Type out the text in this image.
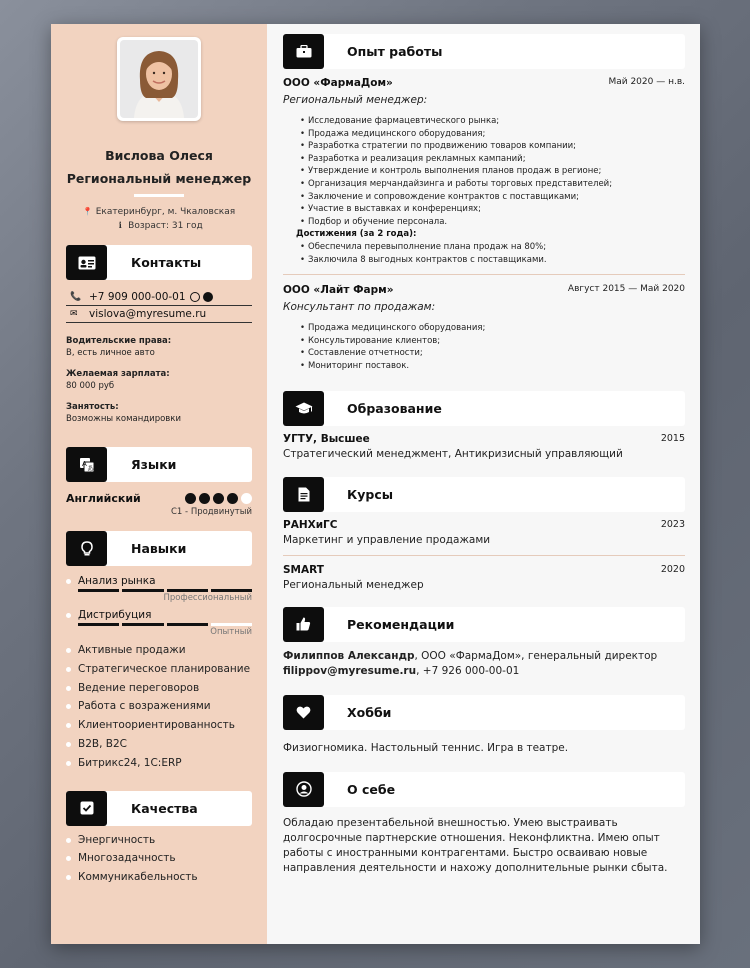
Вислова Олеся
Региональный менеджер
📍 Екатеринбург, м. Чкаловская
i Возраст: 31 год
Контакты
📞 +7 909 000-00-01
✉	vislova@myresume.ru
Водительские права:
B, есть личное авто
Желаемая зарплата:
80 000 руб
Занятость:
Возможны командировки
A
あ	Языки
Английский
C1 - Продвинутый
Навыки
Анализ рынка
Профессиональный
Дистрибуция
Опытный
Активные продажи
Стратегическое планирование
Ведение переговоров
Работа с возражениями
Клиентоориентированность
B2B, B2C
Битрикс24, 1С:ERP
Качества
Энергичность
Многозадачность
Коммуникабельность
Опыт работы
ООО «ФармаДом»	Май 2020 — н.в.
Региональный менеджер:
• Исследование фармацевтического рынка;
• Продажа медицинского оборудования;
• Разработка стратегии по продвижению товаров компании;
• Разработка и реализация рекламных кампаний;
• Утверждение и контроль выполнения планов продаж в регионе;
• Организация мерчандайзинга и работы торговых представителей;
• Заключение и сопровождение контрактов с поставщиками;
• Участие в выставках и конференциях;
• Подбор и обучение персонала.
Достижения (за 2 года):
• Обеспечила перевыполнение плана продаж на 80%;
• Заключила 8 выгодных контрактов с поставщиками.
ООО «Лайт Фарм»	Август 2015 — Май 2020
Консультант по продажам:
• Продажа медицинского оборудования;
• Консультирование клиентов;
• Составление отчетности;
• Мониторинг поставок.
Образование
УГТУ, Высшее	2015
Стратегический менеджмент, Антикризисный управляющий
Курсы
РАНХиГС	2023
Маркетинг и управление продажами
SMART	2020
Региональный менеджер
Рекомендации
Филиппов Александр, ООО «ФармаДом», генеральный директор
filippov@myresume.ru, +7 926 000-00-01
Хобби
Физиогномика. Настольный теннис. Игра в театре.
О себе
Обладаю презентабельной внешностью. Умею выстраивать долгосрочные партнерские отношения. Неконфликтна. Имею опыт работы с иностранными контрагентами. Быстро осваиваю новые направления деятельности и нахожу дополнительные рынки сбыта.
